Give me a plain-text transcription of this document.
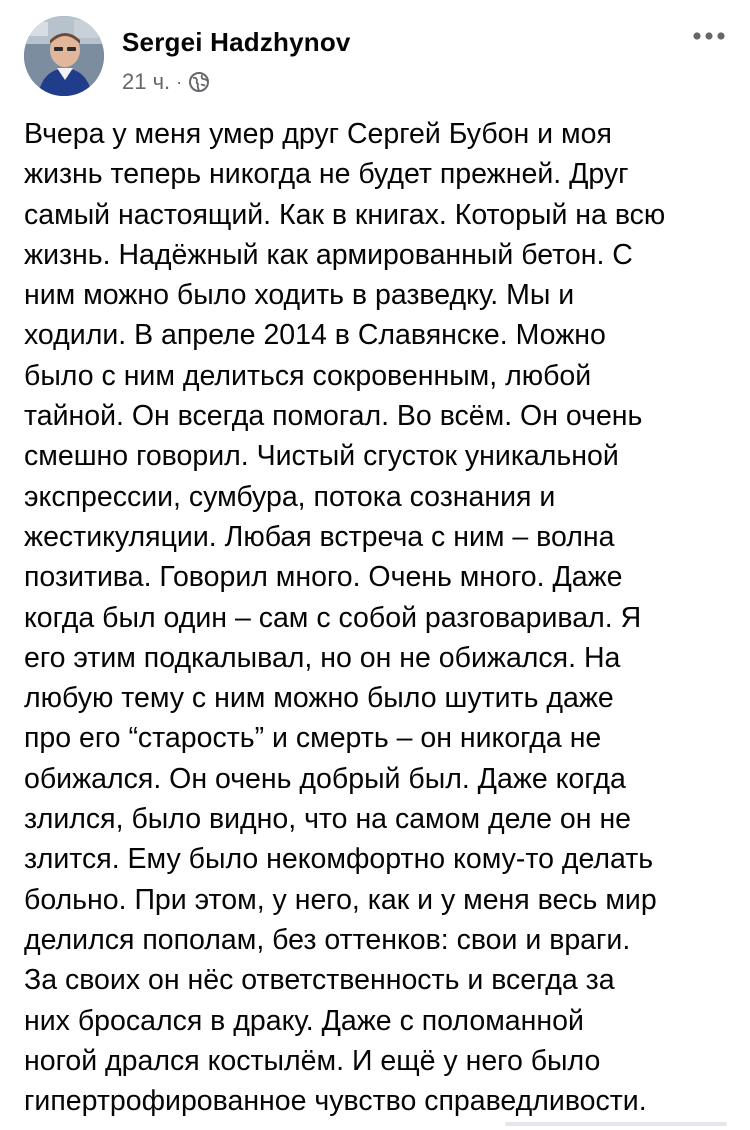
Sergei Hadzhynov
21 ч. ·
Вчера у меня умер друг Сергей Бубон и моя
жизнь теперь никогда не будет прежней. Друг
самый настоящий. Как в книгах. Который на всю
жизнь. Надёжный как армированный бетон. С
ним можно было ходить в разведку. Мы и
ходили. В апреле 2014 в Славянске. Можно
было с ним делиться сокровенным, любой
тайной. Он всегда помогал. Во всём. Он очень
смешно говорил. Чистый сгусток уникальной
экспрессии, сумбура, потока сознания и
жестикуляции. Любая встреча с ним – волна
позитива. Говорил много. Очень много. Даже
когда был один – сам с собой разговаривал. Я
его этим подкалывал, но он не обижался. На
любую тему с ним можно было шутить даже
про его “старость” и смерть – он никогда не
обижался. Он очень добрый был. Даже когда
злился, было видно, что на самом деле он не
злится. Ему было некомфортно кому-то делать
больно. При этом, у него, как и у меня весь мир
делился пополам, без оттенков: свои и враги.
За своих он нёс ответственность и всегда за
них бросался в драку. Даже с поломанной
ногой дрался костылём. И ещё у него было
гипертрофированное чувство справедливости.
